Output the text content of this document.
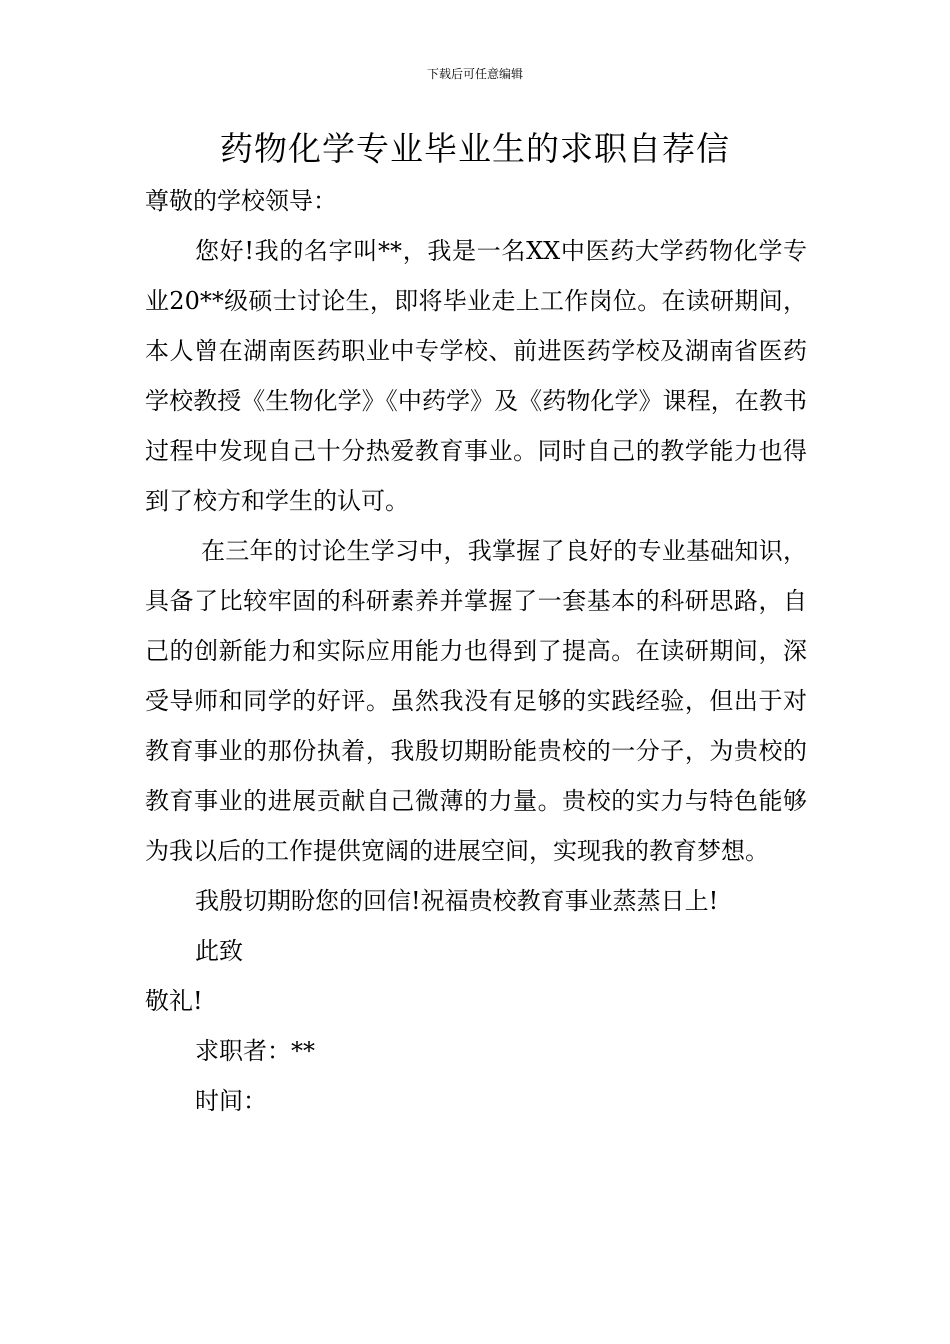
下载后可任意编辑
药物化学专业毕业生的求职自荐信

尊敬的学校领导：

您好!我的名字叫**，我是一名XX中医药大学药物化学专业20**级硕士讨论生，即将毕业走上工作岗位。在读研期间，本人曾在湖南医药职业中专学校、前进医药学校及湖南省医药学校教授《生物化学》《中药学》及《药物化学》课程，在教书过程中发现自己十分热爱教育事业。同时自己的教学能力也得到了校方和学生的认可。

在三年的讨论生学习中，我掌握了良好的专业基础知识，具备了比较牢固的科研素养并掌握了一套基本的科研思路，自己的创新能力和实际应用能力也得到了提高。在读研期间，深受导师和同学的好评。虽然我没有足够的实践经验，但出于对教育事业的那份执着，我殷切期盼能贵校的一分子，为贵校的教育事业的进展贡献自己微薄的力量。贵校的实力与特色能够为我以后的工作提供宽阔的进展空间，实现我的教育梦想。

我殷切期盼您的回信!祝福贵校教育事业蒸蒸日上!

此致

敬礼!

求职者：**

时间：
